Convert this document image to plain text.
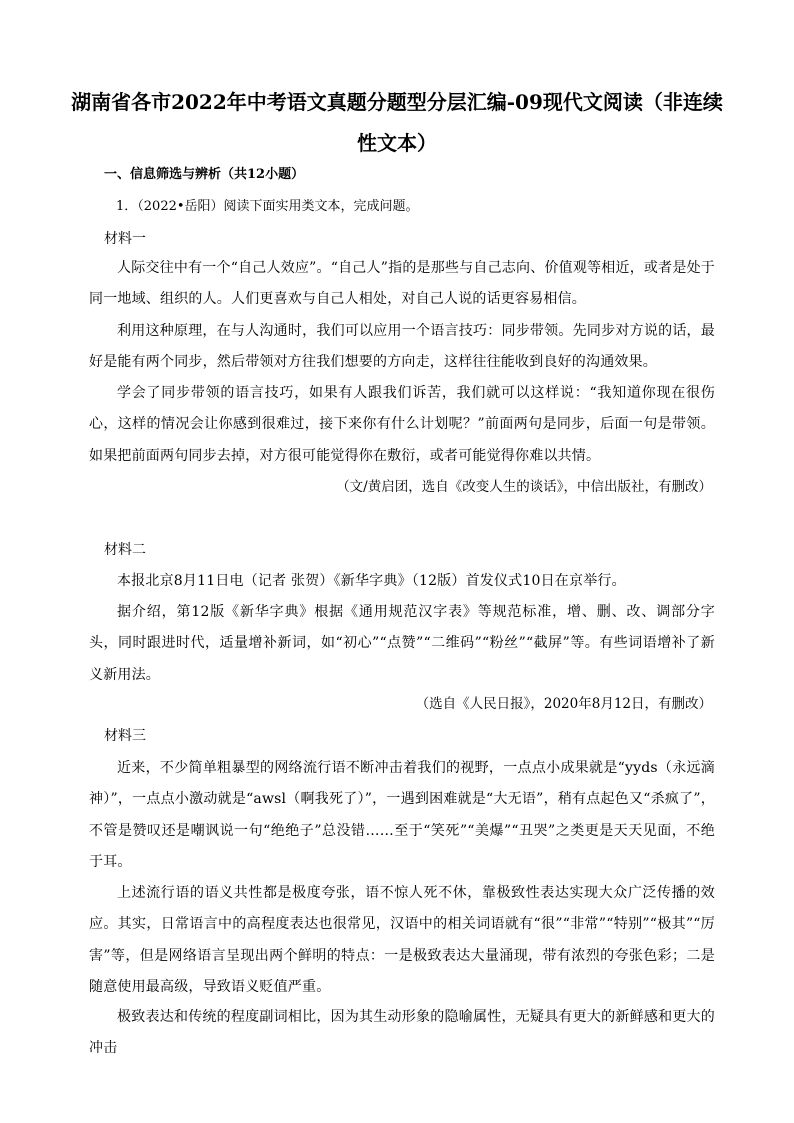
湖南省各市2022年中考语文真题分题型分层汇编-09现代文阅读（非连续性文本）

一、信息筛选与辨析（共12小题）

1．（2022•岳阳）阅读下面实用类文本，完成问题。

材料一

人际交往中有一个“自己人效应”。“自己人”指的是那些与自己志向、价值观等相近，或者是处于同一地域、组织的人。人们更喜欢与自己人相处，对自己人说的话更容易相信。

利用这种原理，在与人沟通时，我们可以应用一个语言技巧：同步带领。先同步对方说的话，最好是能有两个同步，然后带领对方往我们想要的方向走，这样往往能收到良好的沟通效果。

学会了同步带领的语言技巧，如果有人跟我们诉苦，我们就可以这样说：“我知道你现在很伤心，这样的情况会让你感到很难过，接下来你有什么计划呢？”前面两句是同步，后面一句是带领。如果把前面两句同步去掉，对方很可能觉得你在敷衍，或者可能觉得你难以共情。

（文/黄启团，选自《改变人生的谈话》，中信出版社，有删改）

材料二

本报北京8月11日电（记者 张贺）《新华字典》（12版）首发仪式10日在京举行。

据介绍，第12版《新华字典》根据《通用规范汉字表》等规范标准，增、删、改、调部分字头，同时跟进时代，适量增补新词，如“初心”“点赞”“二维码”“粉丝”“截屏”等。有些词语增补了新义新用法。

（选自《人民日报》，2020年8月12日，有删改）

材料三

近来，不少简单粗暴型的网络流行语不断冲击着我们的视野，一点点小成果就是“yyds（永远滴神）”，一点点小激动就是“awsl（啊我死了）”，一遇到困难就是“大无语”，稍有点起色又“杀疯了”，不管是赞叹还是嘲讽说一句“绝绝子”总没错……至于“笑死”“美爆”“丑哭”之类更是天天见面，不绝于耳。

上述流行语的语义共性都是极度夸张，语不惊人死不休，靠极致性表达实现大众广泛传播的效应。其实，日常语言中的高程度表达也很常见，汉语中的相关词语就有“很”“非常”“特别”“极其”“厉害”等，但是网络语言呈现出两个鲜明的特点：一是极致表达大量涌现，带有浓烈的夸张色彩；二是随意使用最高级，导致语义贬值严重。

极致表达和传统的程度副词相比，因为其生动形象的隐喻属性，无疑具有更大的新鲜感和更大的冲击
